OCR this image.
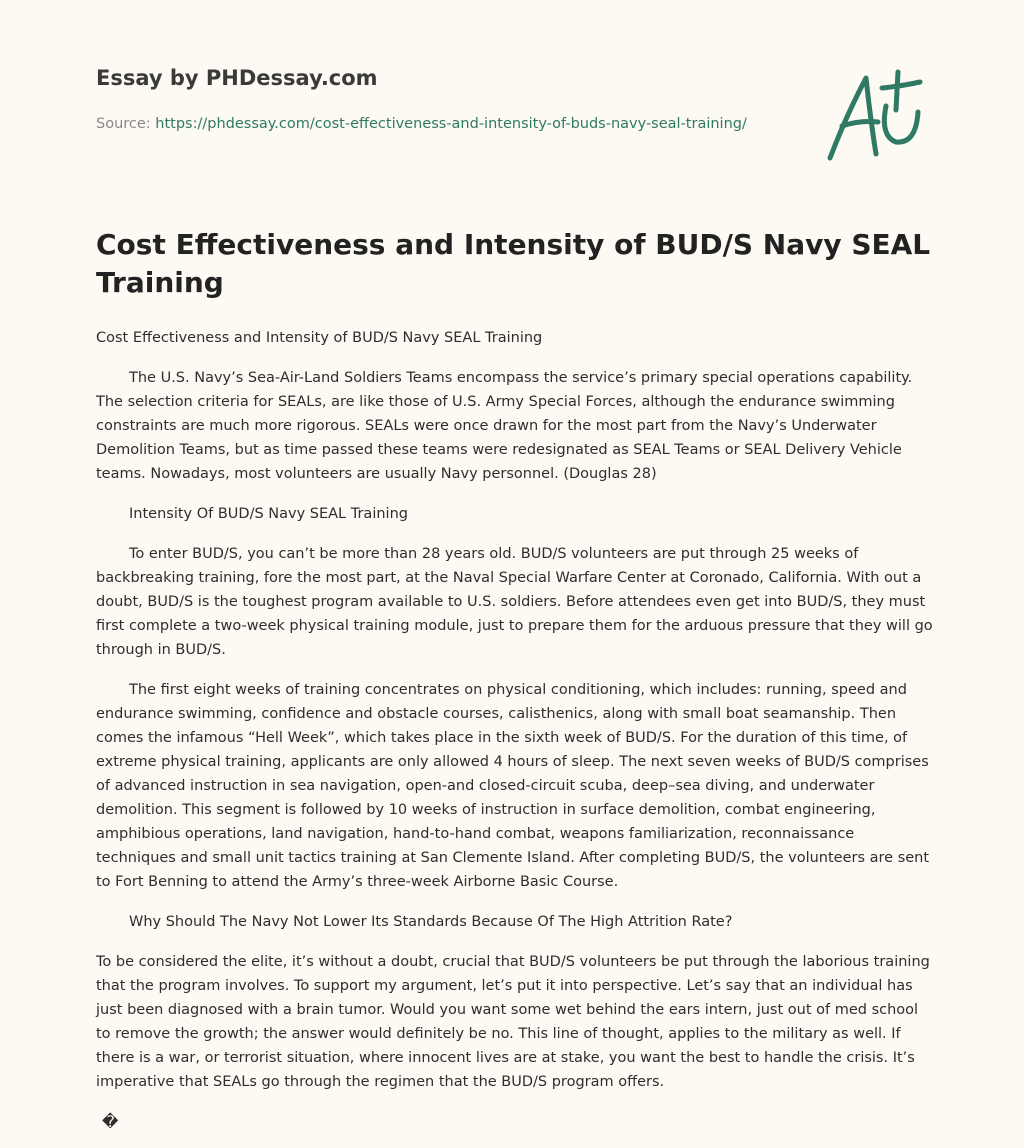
Essay by PHDessay.com
Source: https://phdessay.com/cost-effectiveness-and-intensity-of-buds-navy-seal-training/
Cost Effectiveness and Intensity of BUD/S Navy SEAL Training

Cost Effectiveness and Intensity of BUD/S Navy SEAL Training

The U.S. Navy’s Sea-Air-Land Soldiers Teams encompass the service’s primary special operations capability. The selection criteria for SEALs, are like those of U.S. Army Special Forces, although the endurance swimming constraints are much more rigorous. SEALs were once drawn for the most part from the Navy’s Underwater Demolition Teams, but as time passed these teams were redesignated as SEAL Teams or SEAL Delivery Vehicle teams. Nowadays, most volunteers are usually Navy personnel. (Douglas 28)

Intensity Of BUD/S Navy SEAL Training

To enter BUD/S, you can’t be more than 28 years old. BUD/S volunteers are put through 25 weeks of backbreaking training, fore the most part, at the Naval Special Warfare Center at Coronado, California. With out a doubt, BUD/S is the toughest program available to U.S. soldiers. Before attendees even get into BUD/S, they must first complete a two-week physical training module, just to prepare them for the arduous pressure that they will go through in BUD/S.

The first eight weeks of training concentrates on physical conditioning, which includes: running, speed and endurance swimming, confidence and obstacle courses, calisthenics, along with small boat seamanship. Then comes the infamous “Hell Week”, which takes place in the sixth week of BUD/S. For the duration of this time, of extreme physical training, applicants are only allowed 4 hours of sleep. The next seven weeks of BUD/S comprises of advanced instruction in sea navigation, open-and closed-circuit scuba, deep–sea diving, and underwater demolition. This segment is followed by 10 weeks of instruction in surface demolition, combat engineering, amphibious operations, land navigation, hand-to-hand combat, weapons familiarization, reconnaissance techniques and small unit tactics training at San Clemente Island. After completing BUD/S, the volunteers are sent to Fort Benning to attend the Army’s three-week Airborne Basic Course.

Why Should The Navy Not Lower Its Standards Because Of The High Attrition Rate?

To be considered the elite, it’s without a doubt, crucial that BUD/S volunteers be put through the laborious training that the program involves. To support my argument, let’s put it into perspective. Let’s say that an individual has just been diagnosed with a brain tumor. Would you want some wet behind the ears intern, just out of med school to remove the growth; the answer would definitely be no. This line of thought, applies to the military as well. If there is a war, or terrorist situation, where innocent lives are at stake, you want the best to handle the crisis. It’s imperative that SEALs go through the regimen that the BUD/S program offers.

�
